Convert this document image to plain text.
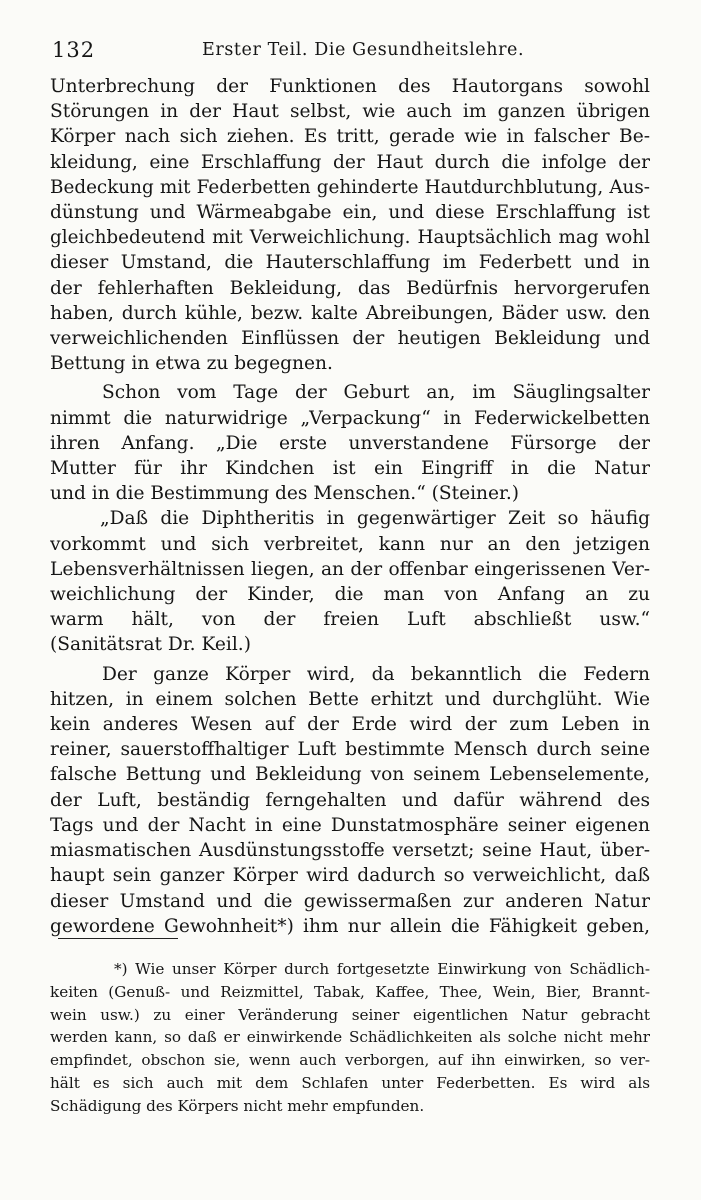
132	Erster Teil. Die Gesundheitslehre.
Unterbrechung der Funktionen des Hautorgans sowohl
Störungen in der Haut selbst, wie auch im ganzen übrigen
Körper nach sich ziehen. Es tritt, gerade wie in falscher Be-
kleidung, eine Erschlaffung der Haut durch die infolge der
Bedeckung mit Federbetten gehinderte Hautdurchblutung, Aus-
dünstung und Wärmeabgabe ein, und diese Erschlaffung ist
gleichbedeutend mit Verweichlichung. Hauptsächlich mag wohl
dieser Umstand, die Hauterschlaffung im Federbett und in
der fehlerhaften Bekleidung, das Bedürfnis hervorgerufen
haben, durch kühle, bezw. kalte Abreibungen, Bäder usw. den
verweichlichenden Einflüssen der heutigen Bekleidung und
Bettung in etwa zu begegnen.
Schon vom Tage der Geburt an, im Säuglingsalter
nimmt die naturwidrige „Verpackung“ in Federwickelbetten
ihren Anfang. „Die erste unverstandene Fürsorge der
Mutter für ihr Kindchen ist ein Eingriff in die Natur
und in die Bestimmung des Menschen.“ (Steiner.)
„Daß die Diphtheritis in gegenwärtiger Zeit so häufig
vorkommt und sich verbreitet, kann nur an den jetzigen
Lebensverhältnissen liegen, an der offenbar eingerissenen Ver-
weichlichung der Kinder, die man von Anfang an zu
warm hält, von der freien Luft abschließt usw.“
(Sanitätsrat Dr. Keil.)
Der ganze Körper wird, da bekanntlich die Federn
hitzen, in einem solchen Bette erhitzt und durchglüht. Wie
kein anderes Wesen auf der Erde wird der zum Leben in
reiner, sauerstoffhaltiger Luft bestimmte Mensch durch seine
falsche Bettung und Bekleidung von seinem Lebenselemente,
der Luft, beständig ferngehalten und dafür während des
Tags und der Nacht in eine Dunstatmosphäre seiner eigenen
miasmatischen Ausdünstungsstoffe versetzt; seine Haut, über-
haupt sein ganzer Körper wird dadurch so verweichlicht, daß
dieser Umstand und die gewissermaßen zur anderen Natur
gewordene Gewohnheit*) ihm nur allein die Fähigkeit geben,
*) Wie unser Körper durch fortgesetzte Einwirkung von Schädlich-
keiten (Genuß- und Reizmittel, Tabak, Kaffee, Thee, Wein, Bier, Brannt-
wein usw.) zu einer Veränderung seiner eigentlichen Natur gebracht
werden kann, so daß er einwirkende Schädlichkeiten als solche nicht mehr
empfindet, obschon sie, wenn auch verborgen, auf ihn einwirken, so ver-
hält es sich auch mit dem Schlafen unter Federbetten. Es wird als
Schädigung des Körpers nicht mehr empfunden.
